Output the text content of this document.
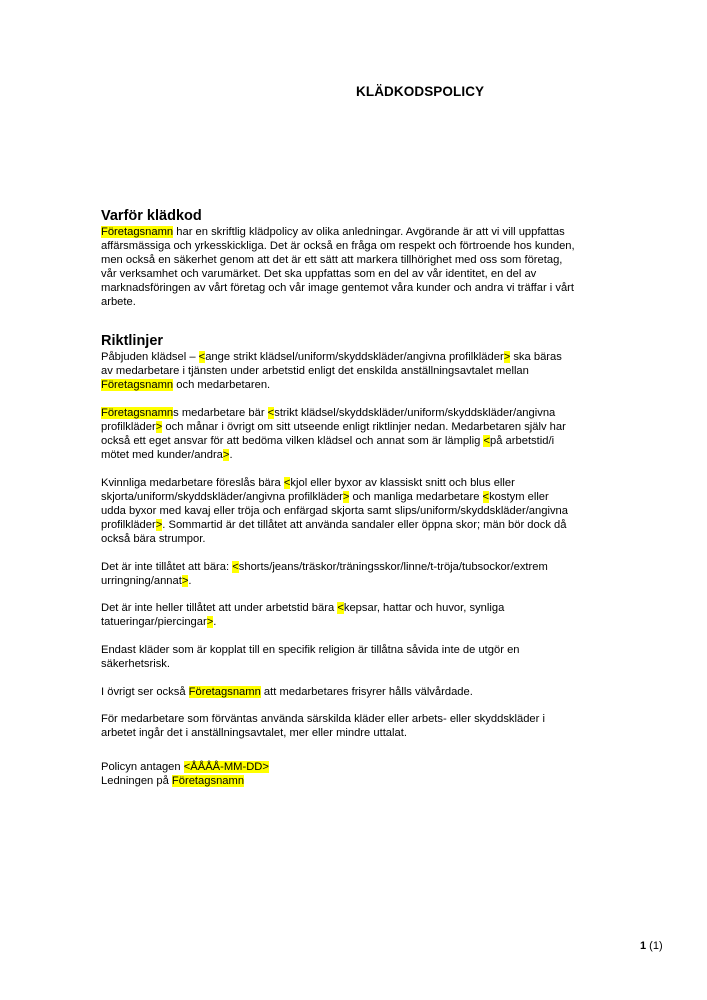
KLÄDKODSPOLICY
Varför klädkod

Företagsnamn har en skriftlig klädpolicy av olika anledningar. Avgörande är att vi vill uppfattas

affärsmässiga och yrkesskickliga. Det är också en fråga om respekt och förtroende hos kunden,

men också en säkerhet genom att det är ett sätt att markera tillhörighet med oss som företag,

vår verksamhet och varumärket. Det ska uppfattas som en del av vår identitet, en del av

marknadsföringen av vårt företag och vår image gentemot våra kunder och andra vi träffar i vårt

arbete.

Riktlinjer

Påbjuden klädsel – <ange strikt klädsel/uniform/skyddskläder/angivna profilkläder> ska bäras

av medarbetare i tjänsten under arbetstid enligt det enskilda anställningsavtalet mellan

Företagsnamn och medarbetaren.

Företagsnamns medarbetare bär <strikt klädsel/skyddskläder/uniform/skyddskläder/angivna

profilkläder> och månar i övrigt om sitt utseende enligt riktlinjer nedan. Medarbetaren själv har

också ett eget ansvar för att bedöma vilken klädsel och annat som är lämplig <på arbetstid/i

mötet med kunder/andra>.

Kvinnliga medarbetare föreslås bära <kjol eller byxor av klassiskt snitt och blus eller

skjorta/uniform/skyddskläder/angivna profilkläder> och manliga medarbetare <kostym eller

udda byxor med kavaj eller tröja och enfärgad skjorta samt slips/uniform/skyddskläder/angivna

profilkläder>. Sommartid är det tillåtet att använda sandaler eller öppna skor; män bör dock då

också bära strumpor.

Det är inte tillåtet att bära: <shorts/jeans/träskor/träningsskor/linne/t-tröja/tubsockor/extrem

urringning/annat>.

Det är inte heller tillåtet att under arbetstid bära <kepsar, hattar och huvor, synliga

tatueringar/piercingar>.

Endast kläder som är kopplat till en specifik religion är tillåtna såvida inte de utgör en

säkerhetsrisk.

I övrigt ser också Företagsnamn att medarbetares frisyrer hålls välvårdade.

För medarbetare som förväntas använda särskilda kläder eller arbets- eller skyddskläder i

arbetet ingår det i anställningsavtalet, mer eller mindre uttalat.

Policyn antagen <ÅÅÅÅ-MM-DD>

Ledningen på Företagsnamn

1 (1)
